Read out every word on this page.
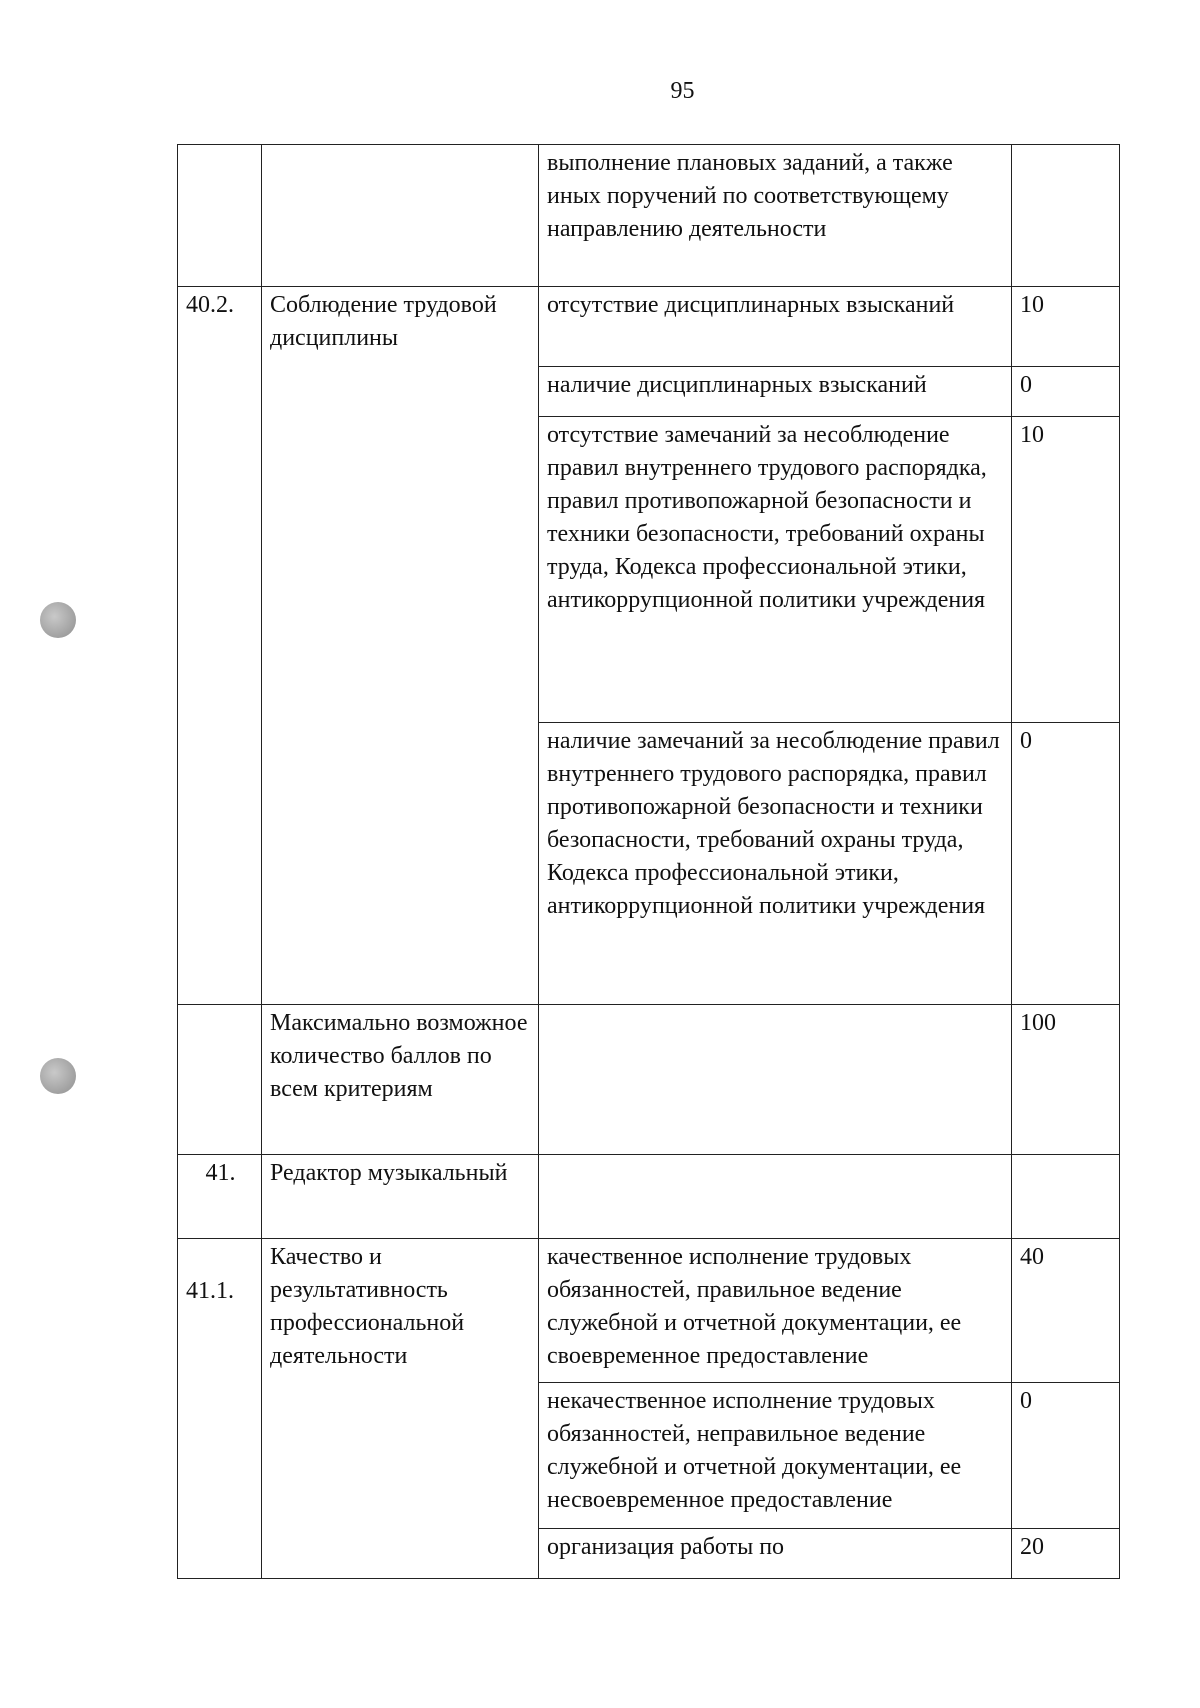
95
		выполнение плановых заданий, а также иных поручений по соответствующему направлению деятельности	
40.2.	Соблюдение трудовой дисциплины	отсутствие дисциплинарных взысканий	10
		наличие дисциплинарных взысканий	0
		отсутствие замечаний за несоблюдение правил внутреннего трудового распорядка, правил противопожарной безопасности и техники безопасности, требований охраны труда, Кодекса профессиональной этики, антикоррупционной политики учреждения	10
		наличие замечаний за несоблюдение правил внутреннего трудового распорядка, правил противопожарной безопасности и техники безопасности, требований охраны труда, Кодекса профессиональной этики, антикоррупционной политики учреждения	0
	Максимально возможное количество баллов по всем критериям		100
41.	Редактор музыкальный		
41.1.	Качество и результативность профессиональной деятельности	качественное исполнение трудовых обязанностей, правильное ведение служебной и отчетной документации, ее своевременное предоставление	40
		некачественное исполнение трудовых обязанностей, неправильное ведение служебной и отчетной документации, ее несвоевременное предоставление	0
		организация работы по	20
